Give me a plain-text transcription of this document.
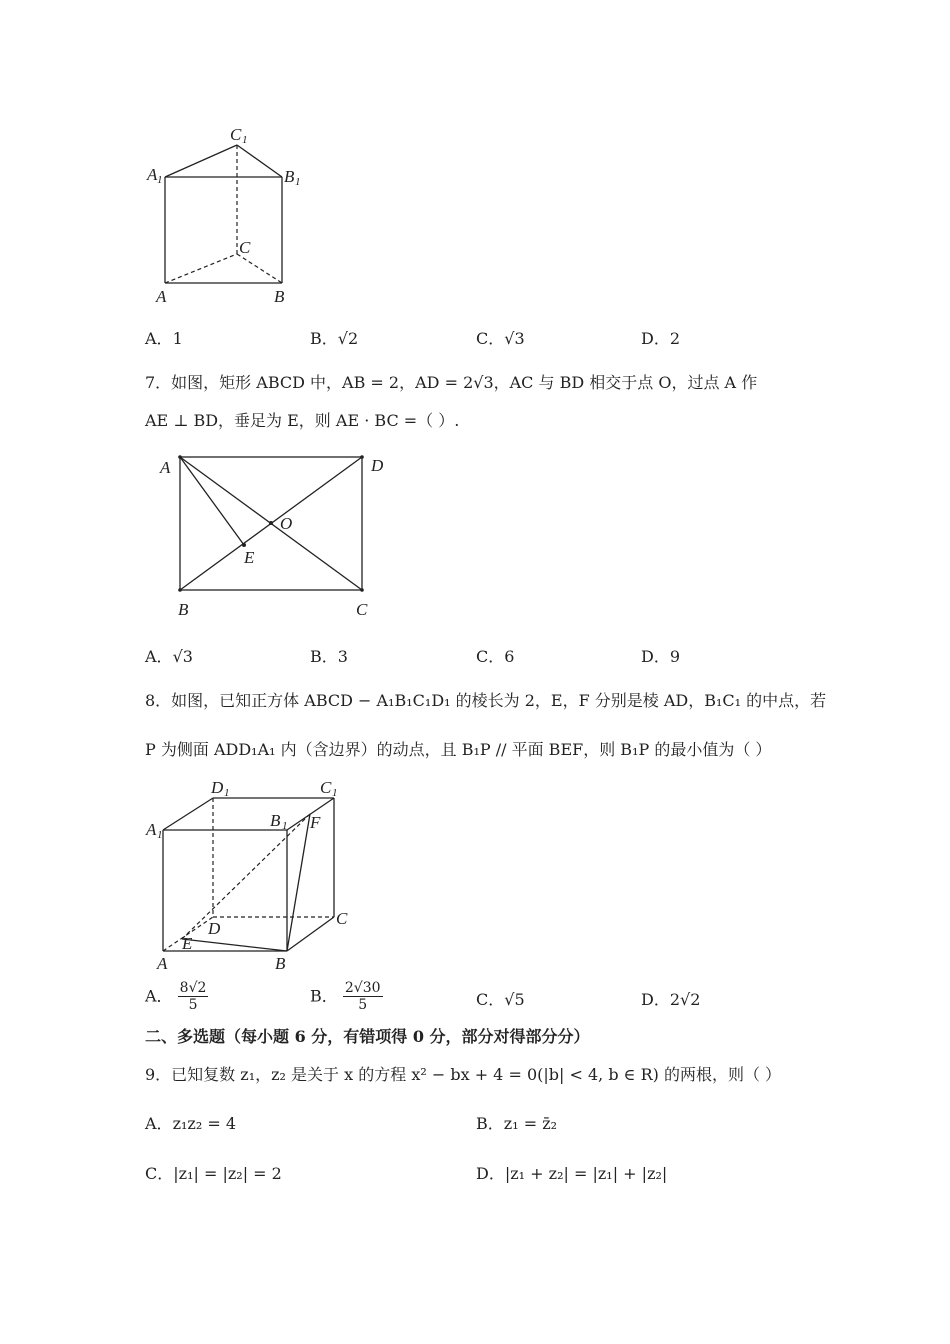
C 1
A 1	B 1
C
A	B
A．1	B．√2	C．√3	D．2
7．如图，矩形 ABCD 中，AB = 2，AD = 2√3，AC 与 BD 相交于点 O，过点 A 作
AE ⊥ BD，垂足为 E，则 AE · BC =（ ）.
A	D
O
E
B	C
A．√3	B．3	C．6	D．9
8．如图，已知正方体 ABCD − A₁B₁C₁D₁ 的棱长为 2，E，F 分别是棱 AD，B₁C₁ 的中点，若
P 为侧面 ADD₁A₁ 内（含边界）的动点，且 B₁P // 平面 BEF，则 B₁P 的最小值为（ ）
D 1	C 1
A 1
B 1 F
C
D
E
A	B
A． $\frac{8√2}{5}$	B． $\frac{2√30}{5}$	C．√5	D．2√2
二、多选题（每小题 6 分，有错项得 0 分，部分对得部分分）
9．已知复数 z₁，z₂ 是关于 x 的方程 x² − bx + 4 = 0(|b| < 4, b ∈ R) 的两根，则（ ）
A．z₁z₂ = 4	B．z₁ = z̄₂
C．|z₁| = |z₂| = 2	D．|z₁ + z₂| = |z₁| + |z₂|
